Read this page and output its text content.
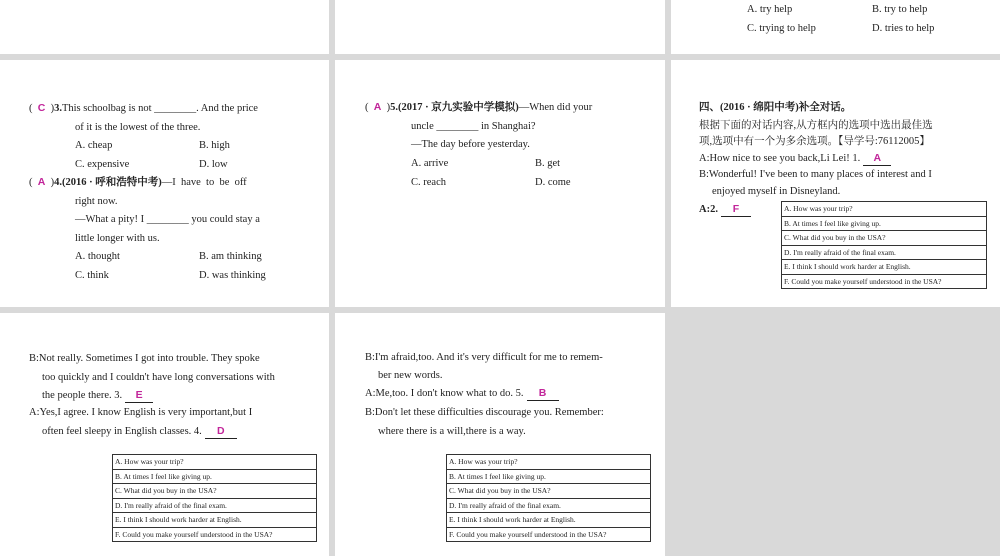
A. try help	B. try to help
C. trying to help	D. tries to help
(  C  )3.This schoolbag is not ________. And the price
of it is the lowest of the three.
A. cheap	B. high
C. expensive	D. low
(  A  )4.(2016 · 呼和浩特中考)—I  have  to  be  off
right now.
—What a pity! I ________ you could stay a
little longer with us.
A. thought	B. am thinking
C. think	D. was thinking
(  A  )5.(2017 · 京九实验中学模拟)—When did your
uncle ________ in Shanghai?
—The day before yesterday.
A. arrive	B. get
C. reach	D. come
四、(2016 · 绵阳中考)补全对话。
根据下面的对话内容,从方框内的选项中选出最佳选
项,选项中有一个为多余选项。【导学号:76112005】
A:How nice to see you back,Li Lei! 1. A
B:Wonderful! I've been to many places of interest and I
enjoyed myself in Disneyland.
A:2. F	A. How was your trip?
B. At times I feel like giving up.
C. What did you buy in the USA?
D. I'm really afraid of the final exam.
E. I think I should work harder at English.
F. Could you make yourself understood in the USA?
B:Not really. Sometimes I got into trouble. They spoke
too quickly and I couldn't have long conversations with
the people there. 3. E
A:Yes,I agree. I know English is very important,but I
often feel sleepy in English classes. 4. D
A. How was your trip?
B. At times I feel like giving up.
C. What did you buy in the USA?
D. I'm really afraid of the final exam.
E. I think I should work harder at English.
F. Could you make yourself understood in the USA?
B:I'm afraid,too. And it's very difficult for me to remem-
ber new words.
A:Me,too. I don't know what to do. 5. B
B:Don't let these difficulties discourage you. Remember:
where there is a will,there is a way.
A. How was your trip?
B. At times I feel like giving up.
C. What did you buy in the USA?
D. I'm really afraid of the final exam.
E. I think I should work harder at English.
F. Could you make yourself understood in the USA?
